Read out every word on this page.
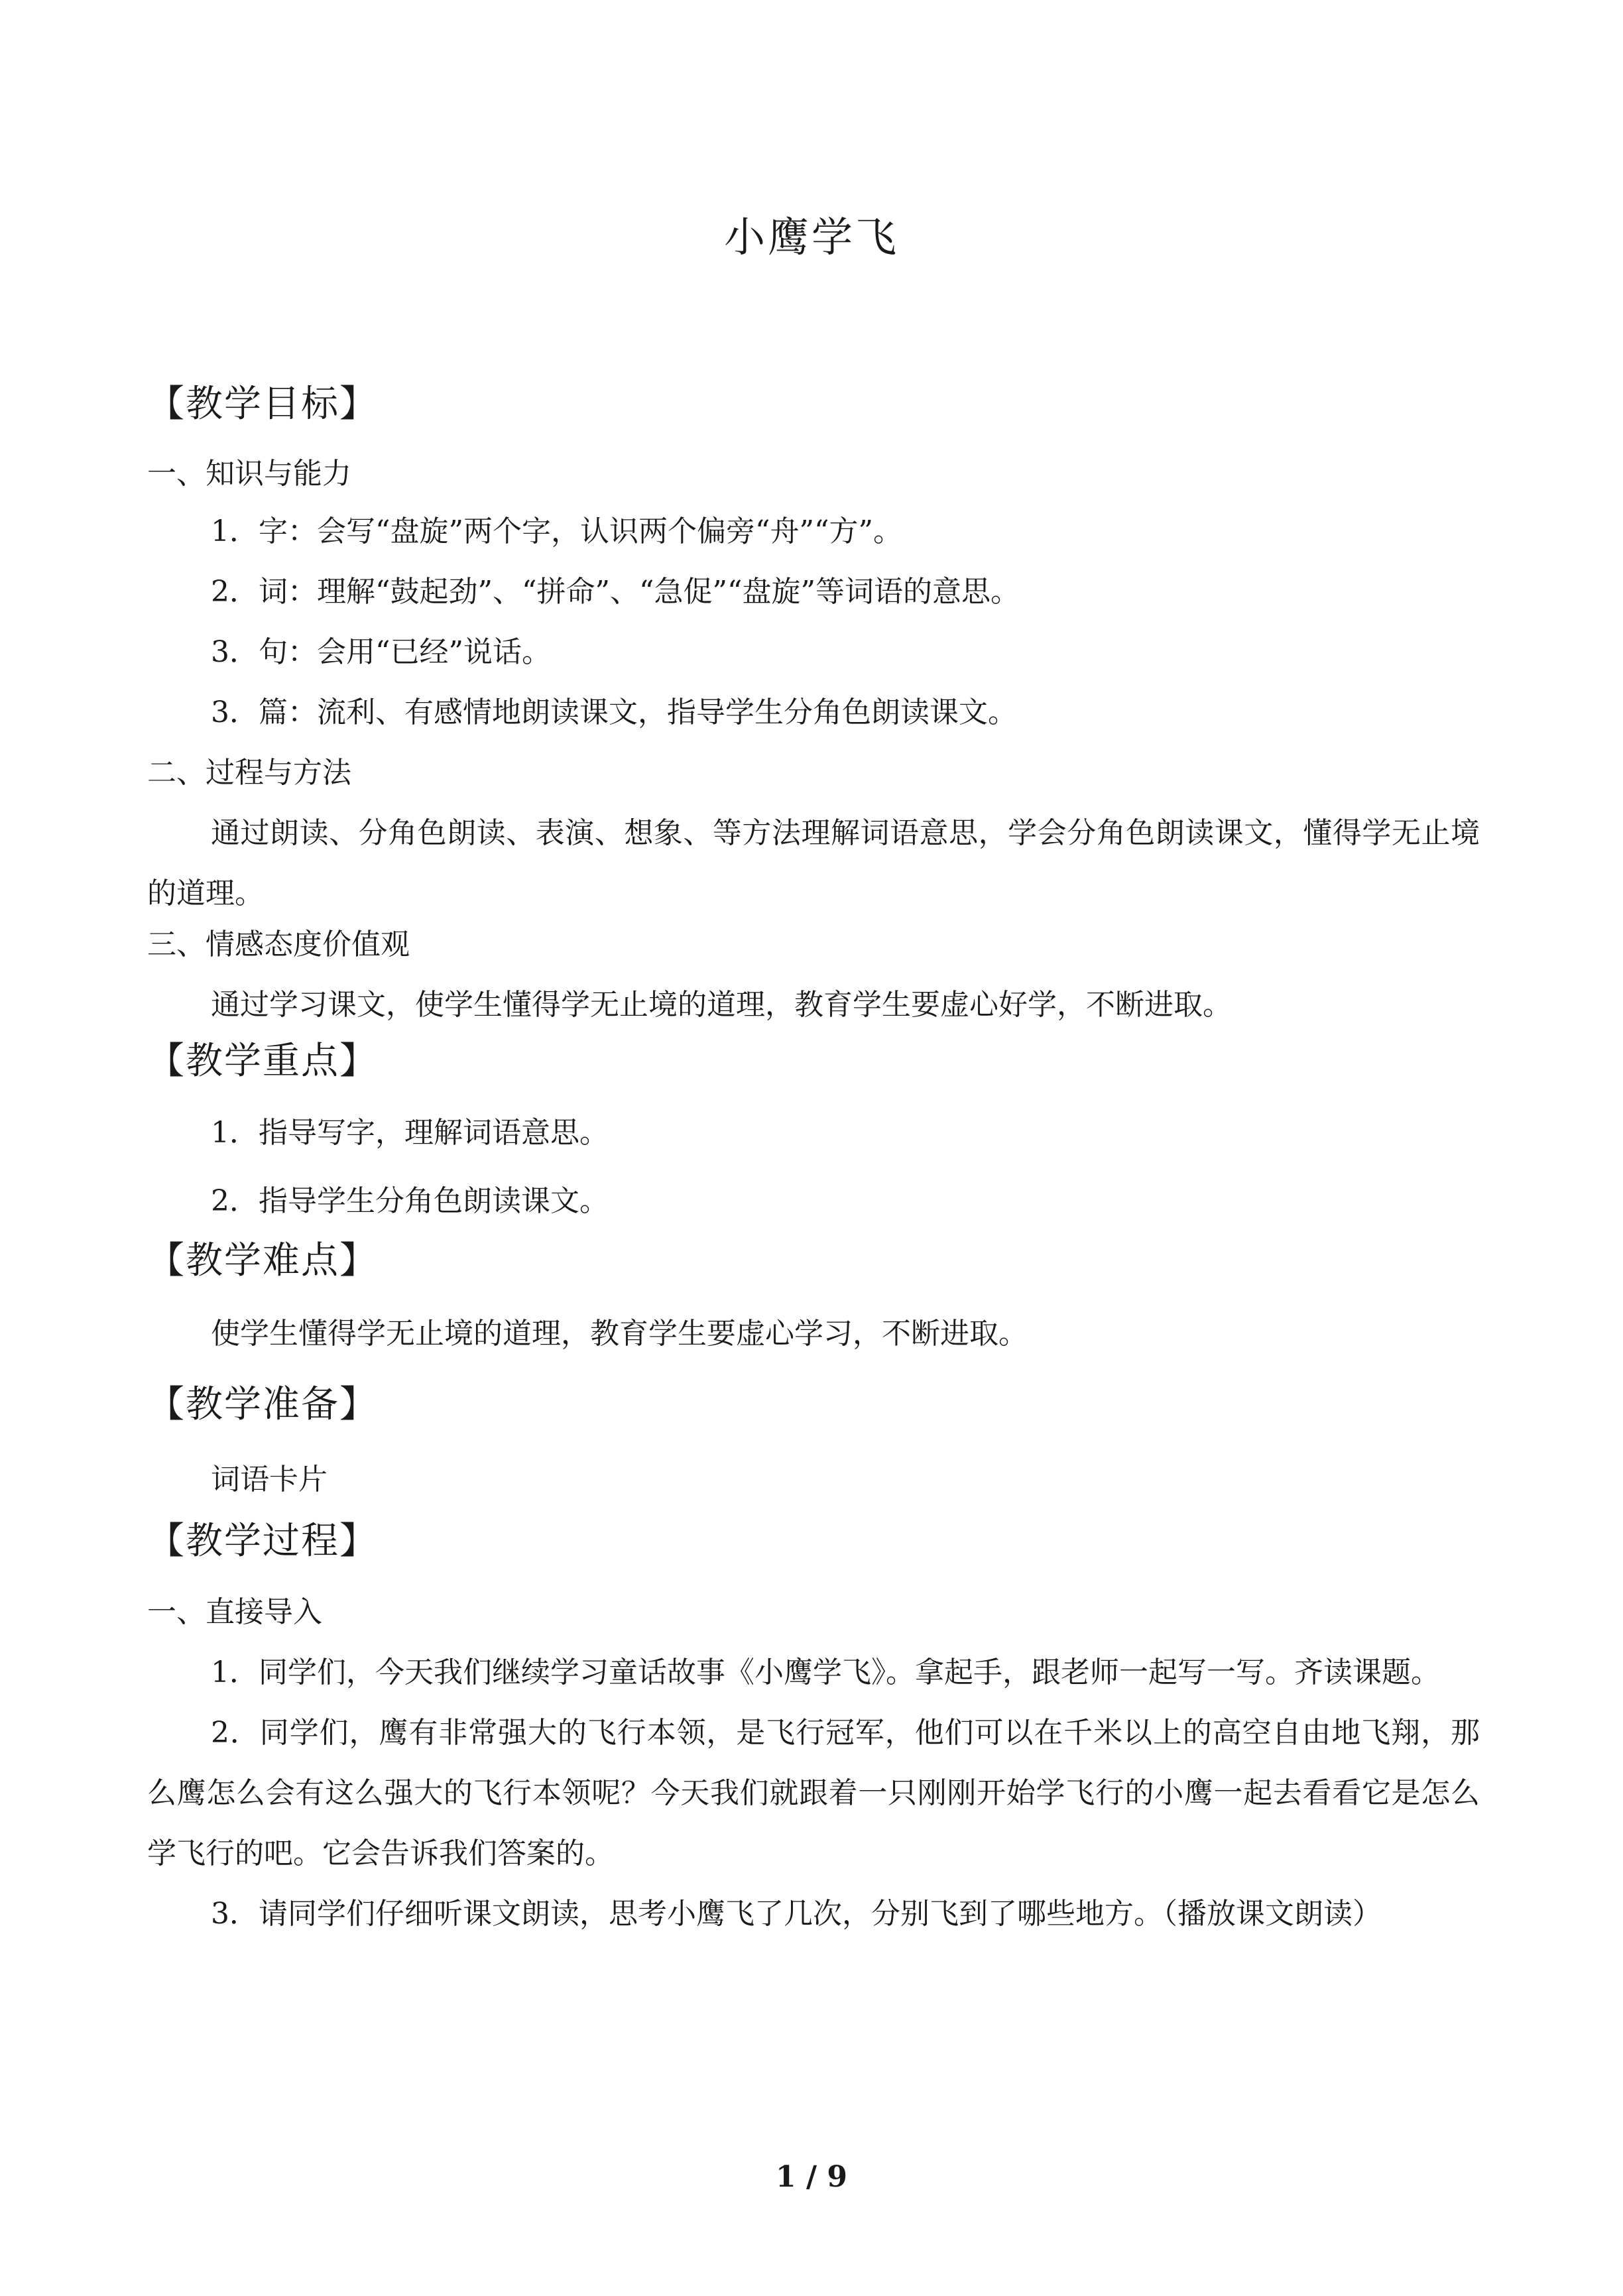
小鹰学飞

【教学目标】

一、知识与能力

1．字：会写“盘旋”两个字，认识两个偏旁“舟”“方”。

2．词：理解“鼓起劲”、“拼命”、“急促”“盘旋”等词语的意思。

3．句：会用“已经”说话。

3．篇：流利、有感情地朗读课文，指导学生分角色朗读课文。

二、过程与方法

通过朗读、分角色朗读、表演、想象、等方法理解词语意思，学会分角色朗读课文，懂得学无止境的道理。

三、情感态度价值观

通过学习课文，使学生懂得学无止境的道理，教育学生要虚心好学，不断进取。

【教学重点】

1．指导写字，理解词语意思。

2．指导学生分角色朗读课文。

【教学难点】

使学生懂得学无止境的道理，教育学生要虚心学习，不断进取。

【教学准备】

词语卡片

【教学过程】

一、直接导入

1．同学们，今天我们继续学习童话故事《小鹰学飞》。拿起手，跟老师一起写一写。齐读课题。

2．同学们，鹰有非常强大的飞行本领，是飞行冠军，他们可以在千米以上的高空自由地飞翔，那么鹰怎么会有这么强大的飞行本领呢？今天我们就跟着一只刚刚开始学飞行的小鹰一起去看看它是怎么学飞行的吧。它会告诉我们答案的。

3．请同学们仔细听课文朗读，思考小鹰飞了几次，分别飞到了哪些地方。（播放课文朗读）

1 / 9
